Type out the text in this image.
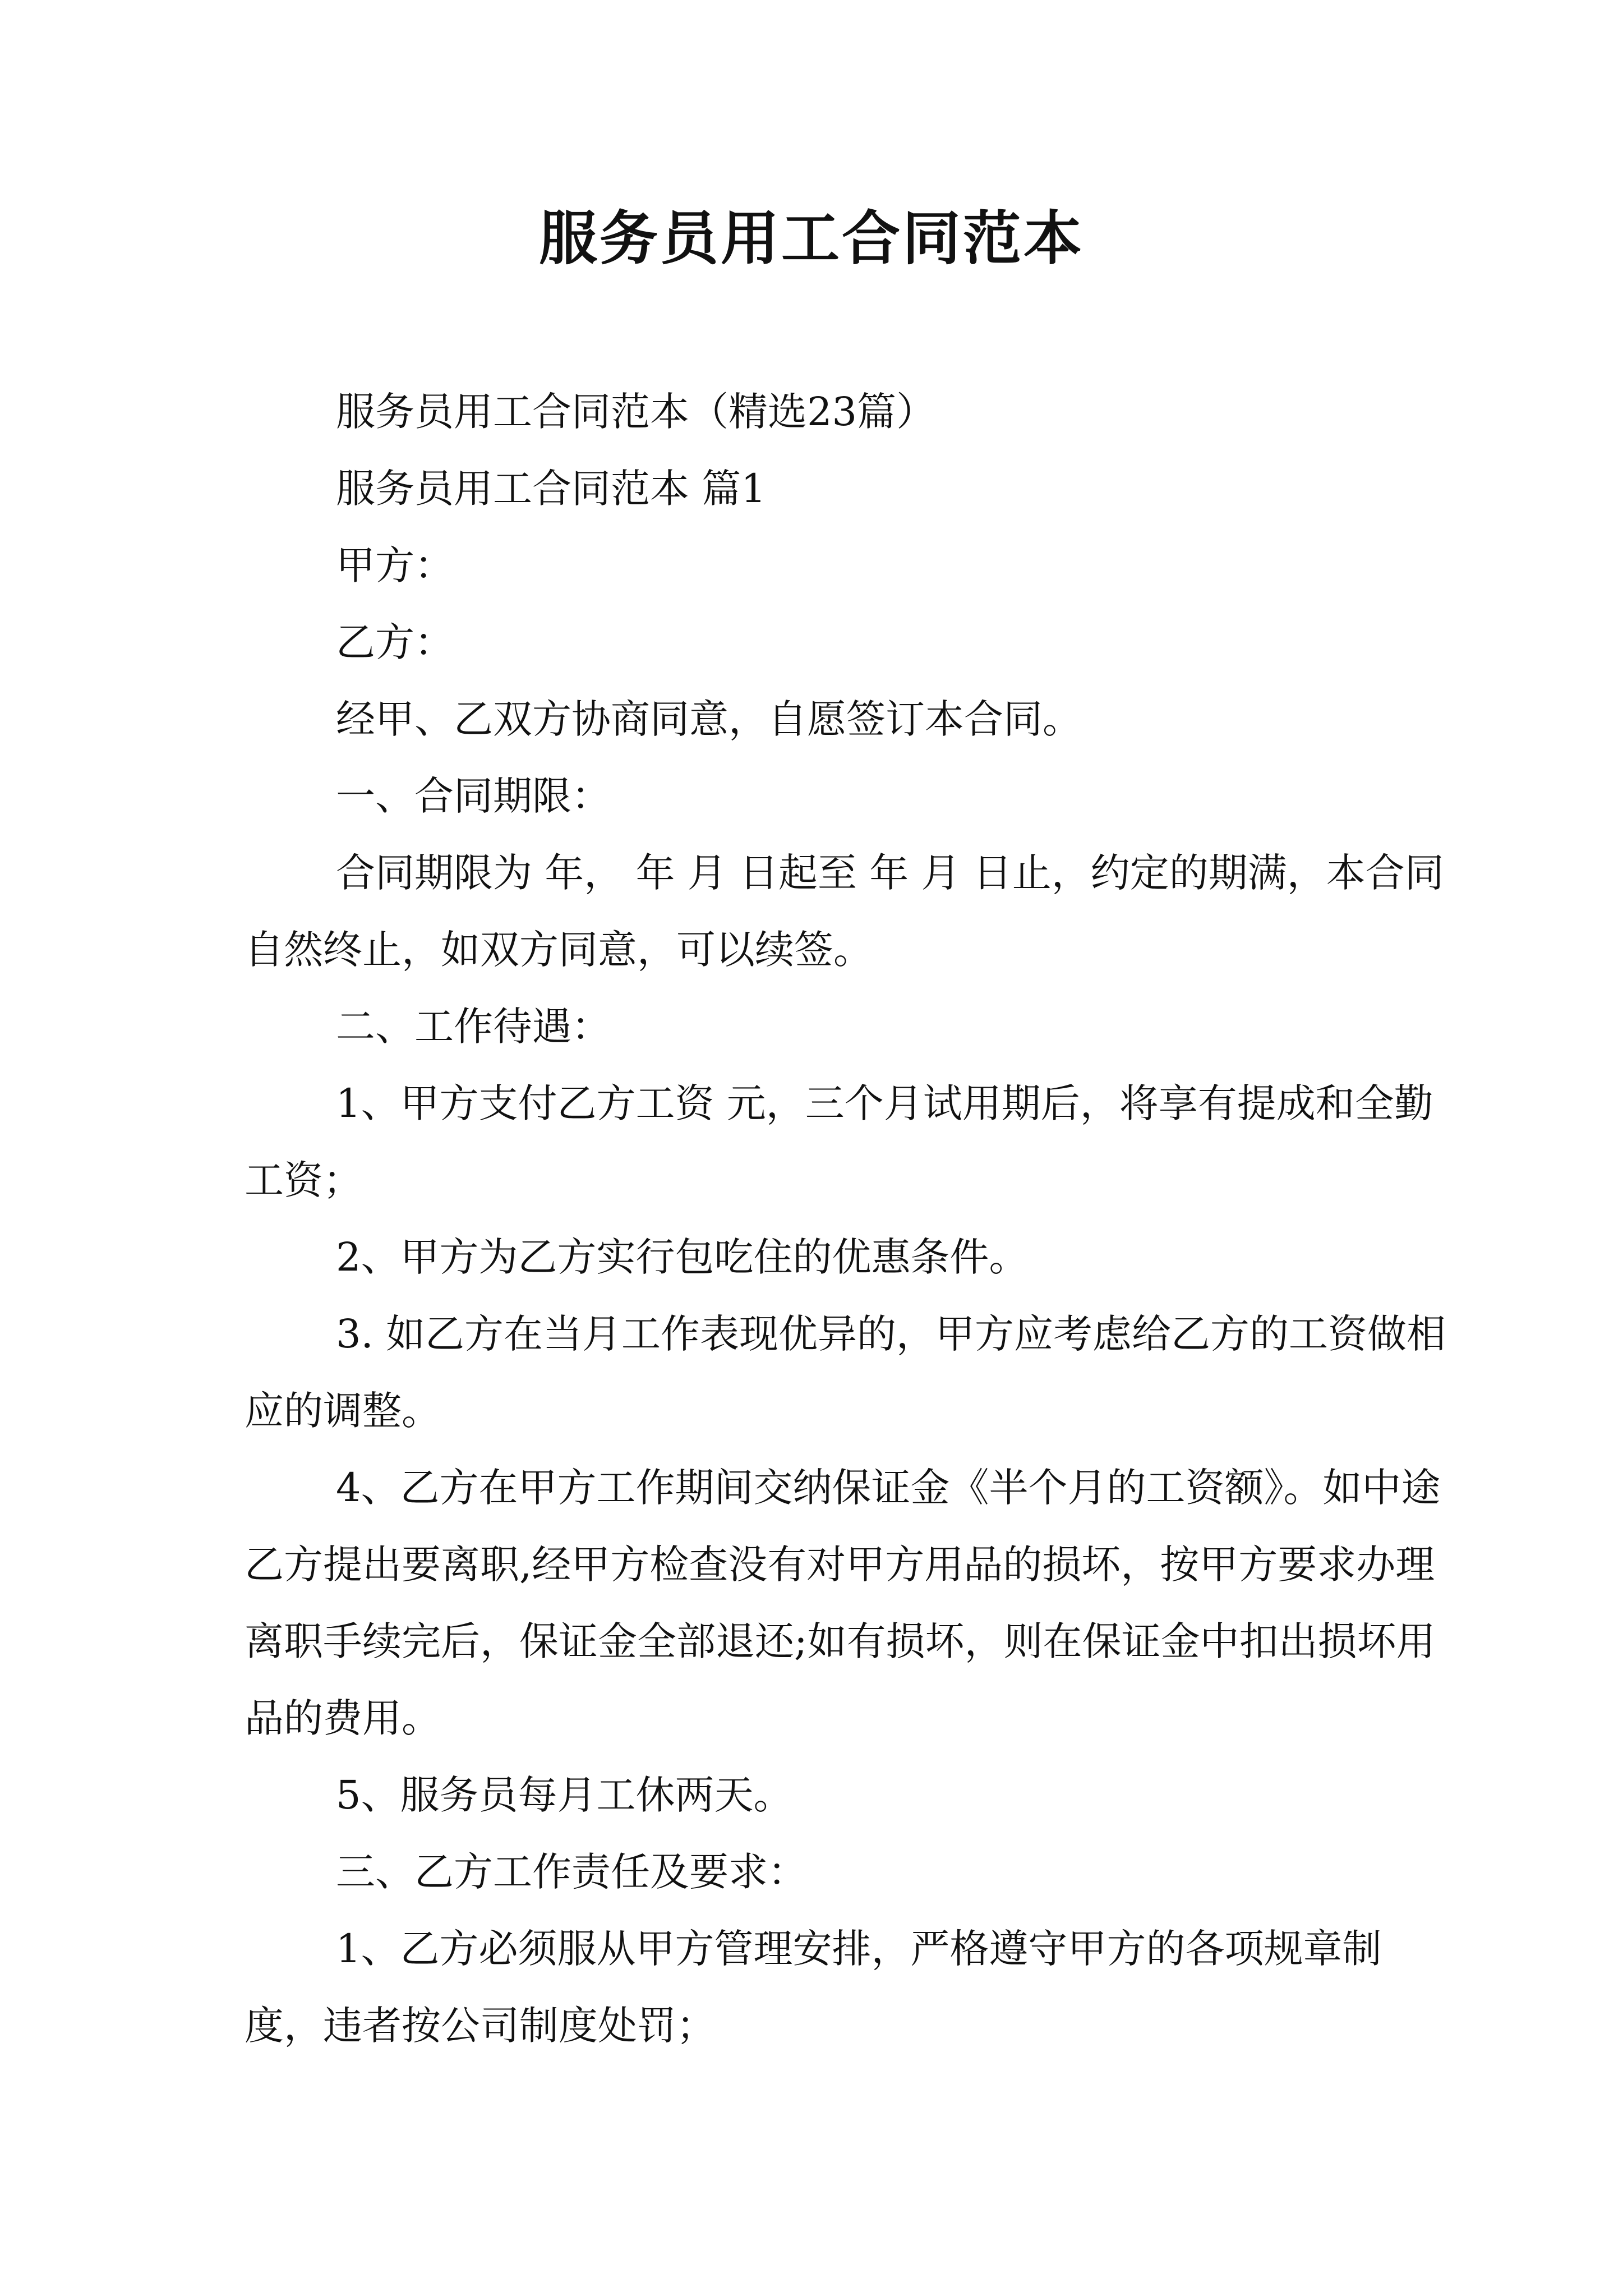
服务员用工合同范本

服务员用工合同范本（精选23篇）

服务员用工合同范本 篇1

甲方：

乙方：

经甲、乙双方协商同意，自愿签订本合同。

一、合同期限：

合同期限为 年， 年 月 日起至 年 月 日止，约定的期满，本合同自然终止，如双方同意，可以续签。

二、工作待遇：

1、甲方支付乙方工资 元，三个月试用期后，将享有提成和全勤工资；

2、甲方为乙方实行包吃住的优惠条件。

3. 如乙方在当月工作表现优异的，甲方应考虑给乙方的工资做相应的调整。

4、乙方在甲方工作期间交纳保证金《半个月的工资额》。如中途乙方提出要离职,经甲方检查没有对甲方用品的损坏，按甲方要求办理离职手续完后，保证金全部退还;如有损坏，则在保证金中扣出损坏用品的费用。

5、服务员每月工休两天。

三、乙方工作责任及要求：

1、乙方必须服从甲方管理安排，严格遵守甲方的各项规章制度，违者按公司制度处罚；
